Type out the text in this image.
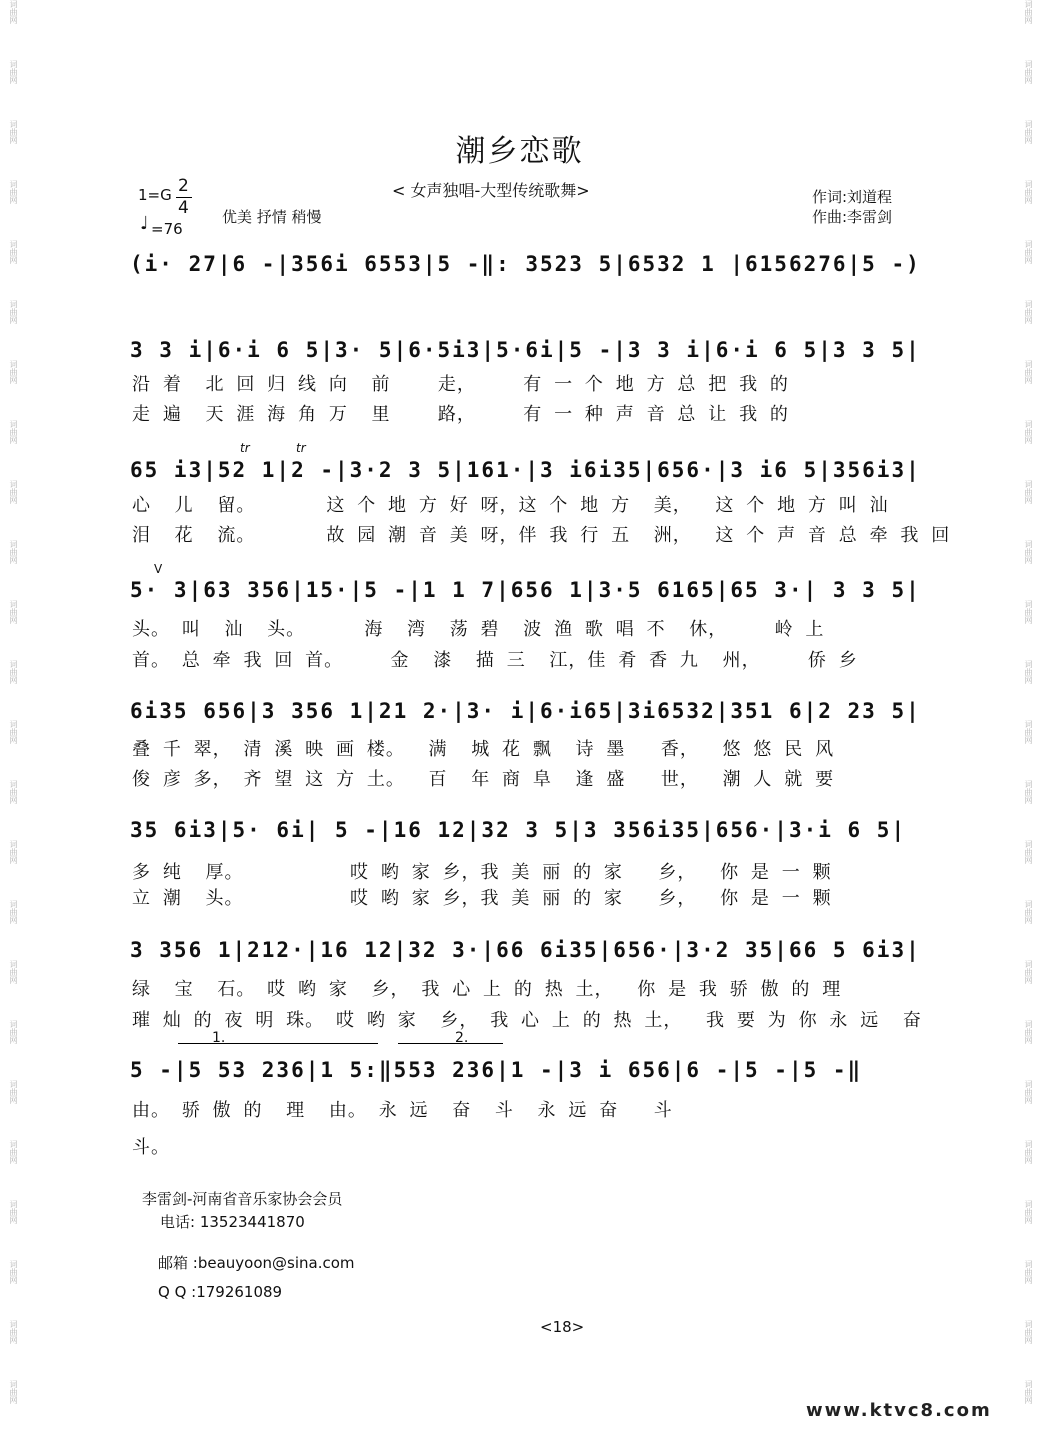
词曲网
词曲网
词曲网
词曲网
词曲网
词曲网
词曲网
词曲网
词曲网
词曲网
词曲网
词曲网
词曲网
词曲网
词曲网
词曲网
词曲网
词曲网
词曲网
词曲网
词曲网
词曲网
词曲网
词曲网
词曲网
词曲网
词曲网
词曲网
词曲网
词曲网
词曲网
词曲网
词曲网
词曲网
词曲网
词曲网
词曲网
词曲网
词曲网
词曲网
词曲网
词曲网
词曲网
词曲网
词曲网
词曲网
词曲网
词曲网
潮乡恋歌
< 女声独唱-大型传统歌舞>
1=G 2
4
♩ =76
优美 抒情 稍慢
作词:刘道程
作曲:李雷剑
(i· 27|6 -|356i 6553|5 -‖: 3523 5|6532 1 |6156276|5 -)
3 3 i|6·i 6 5|3· 5|6·5i3|5·6i|5 -|3 3 i|6·i 6 5|3 3 5|
沿 着  北 回 归 线 向  前    走，    有 一 个 地 方 总 把 我 的
走 遍  天 涯 海 角 万  里    路，    有 一 种 声 音 总 让 我 的
tr	tr
65 i3|52 1|2 -|3·2 3 5|161·|3 i6i35|656·|3 i6 5|356i3|
心  儿  留。      这 个 地 方 好 呀，这 个 地 方  美，  这 个 地 方 叫 汕
泪  花  流。      故 园 潮 音 美 呀，伴 我 行 五  洲，  这 个 声 音 总 牵 我 回
V
5· 3|63 356|15·|5 -|1 1 7|656 1|3·5 6165|65 3·| 3 3 5|
头。 叫  汕  头。     海  湾  荡 碧  波 渔 歌 唱 不  休，    岭 上
首。 总 牵 我 回 首。    金  漆  描 三  江，佳 肴 香 九  州，    侨 乡
6i35 656|3 356 1|21 2·|3· i|6·i65|3i6532|351 6|2 23 5|
叠 千 翠， 清 溪 映 画 楼。  满  城 花 飘  诗 墨   香，  悠 悠 民 风
俊 彦 多， 齐 望 这 方 土。  百  年 商 阜  逢 盛   世，  潮 人 就 要
35 6i3|5· 6i| 5 -|16 12|32 3 5|3 356i35|656·|3·i 6 5|
多 纯  厚。         哎 哟 家 乡，我 美 丽 的 家   乡，  你 是 一 颗
立 潮  头。         哎 哟 家 乡，我 美 丽 的 家   乡，  你 是 一 颗
3 356 1|212·|16 12|32 3·|66 6i35|656·|3·2 35|66 5 6i3|
绿  宝  石。 哎 哟 家  乡， 我 心 上 的 热 土，  你 是 我 骄 傲 的 理
璀 灿 的 夜 明 珠。 哎 哟 家  乡， 我 心 上 的 热 土，  我 要 为 你 永 远  奋
1.	2.
5 -|5 53 236|1 5:‖553 236|1 -|3 i 656|6 -|5 -|5 -‖
由。 骄 傲 的  理  由。 永 远  奋  斗  永 远 奋   斗
斗。
李雷剑-河南省音乐家协会会员
电话: 13523441870
邮箱 :beauyoon@sina.com
Q Q :179261089
<18>
www.ktvc8.com
